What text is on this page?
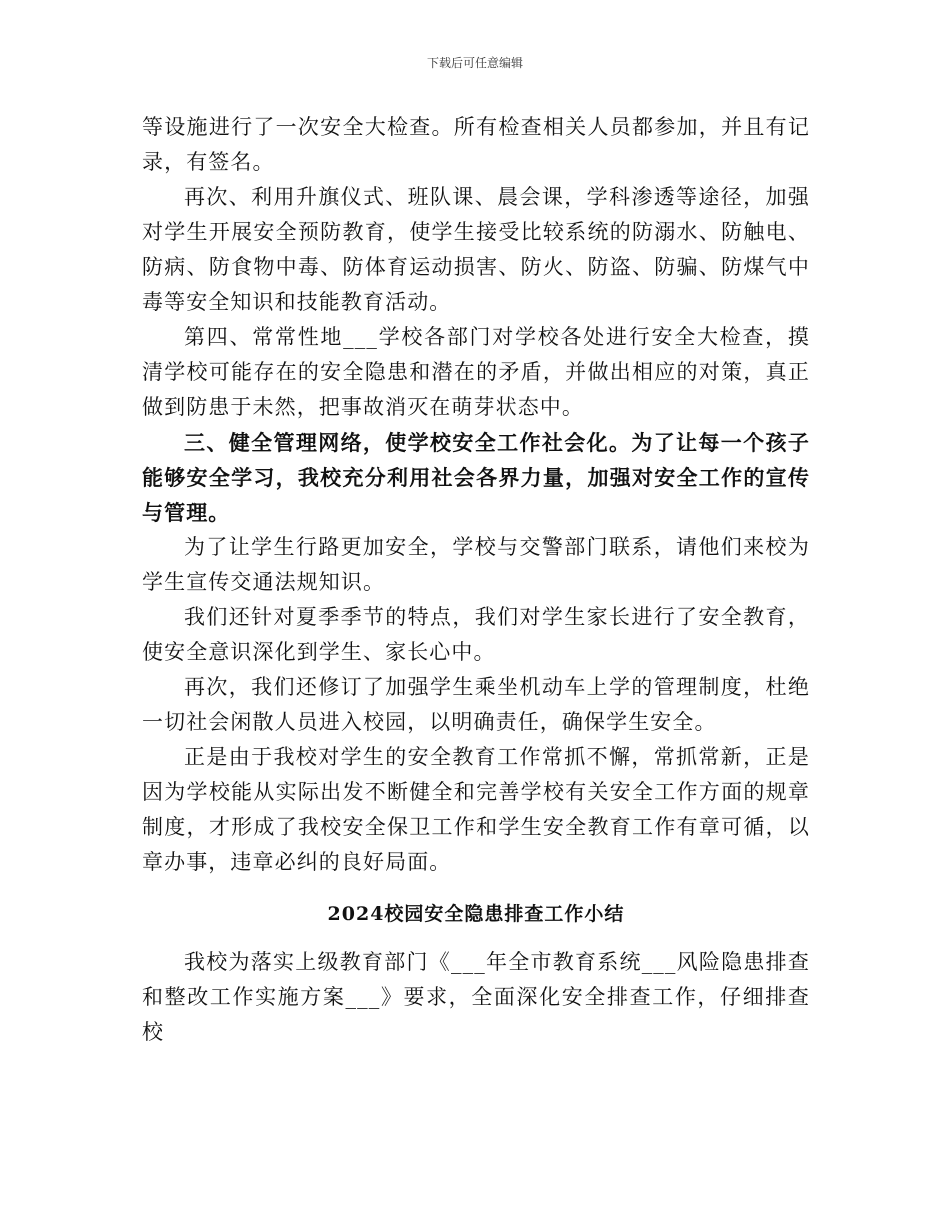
下载后可任意编辑

等设施进行了一次安全大检查。所有检查相关人员都参加，并且有记录，有签名。

再次、利用升旗仪式、班队课、晨会课，学科渗透等途径，加强对学生开展安全预防教育，使学生接受比较系统的防溺水、防触电、防病、防食物中毒、防体育运动损害、防火、防盗、防骗、防煤气中毒等安全知识和技能教育活动。

第四、常常性地___学校各部门对学校各处进行安全大检查，摸清学校可能存在的安全隐患和潜在的矛盾，并做出相应的对策，真正做到防患于未然，把事故消灭在萌芽状态中。

三、健全管理网络，使学校安全工作社会化。为了让每一个孩子能够安全学习，我校充分利用社会各界力量，加强对安全工作的宣传与管理。

为了让学生行路更加安全，学校与交警部门联系，请他们来校为学生宣传交通法规知识。

我们还针对夏季季节的特点，我们对学生家长进行了安全教育，使安全意识深化到学生、家长心中。

再次，我们还修订了加强学生乘坐机动车上学的管理制度，杜绝一切社会闲散人员进入校园，以明确责任，确保学生安全。

正是由于我校对学生的安全教育工作常抓不懈，常抓常新，正是因为学校能从实际出发不断健全和完善学校有关安全工作方面的规章制度，才形成了我校安全保卫工作和学生安全教育工作有章可循，以章办事，违章必纠的良好局面。

2024校园安全隐患排查工作小结

我校为落实上级教育部门《___年全市教育系统___风险隐患排查和整改工作实施方案___》要求，全面深化安全排查工作，仔细排查校
